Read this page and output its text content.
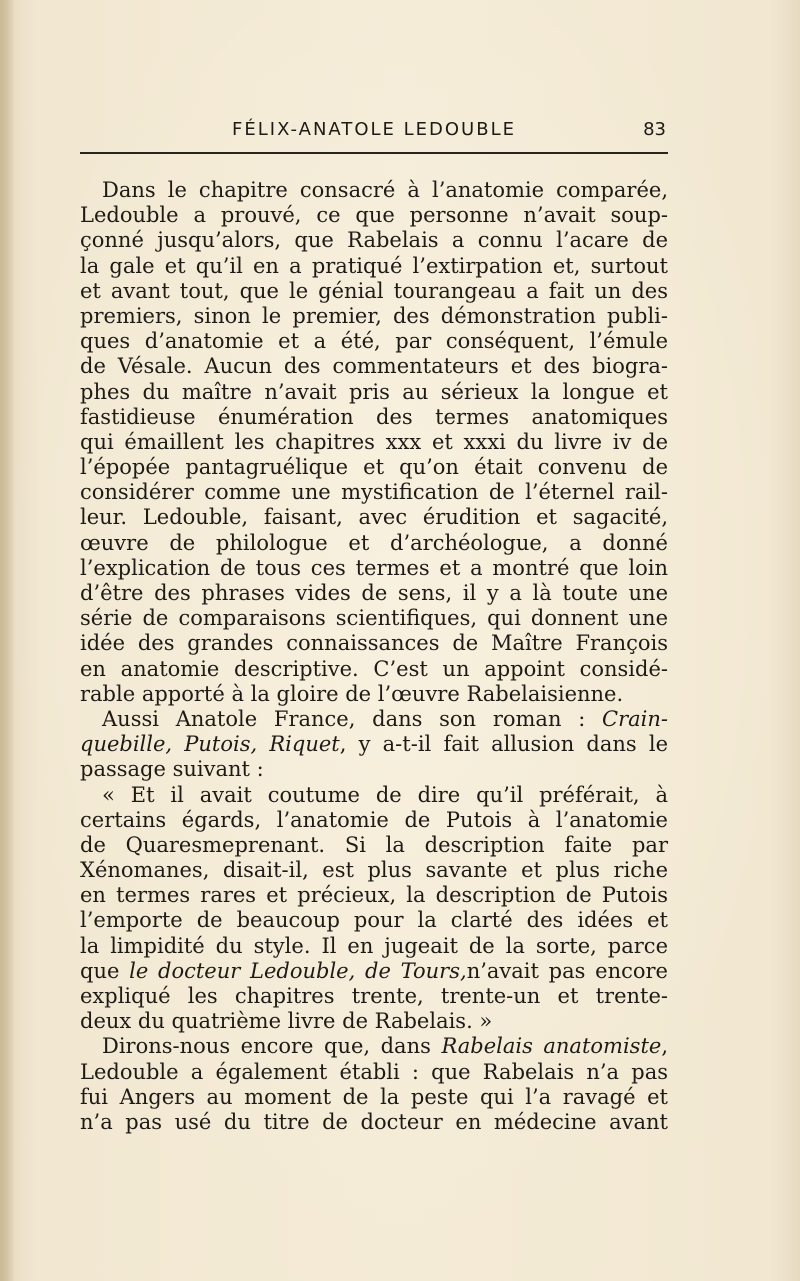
FÉLIX-ANATOLE LEDOUBLE	83
Dans le chapitre consacré à l’anatomie comparée,
Ledouble a prouvé, ce que personne n’avait soup-
çonné jusqu’alors, que Rabelais a connu l’acare de
la gale et qu’il en a pratiqué l’extirpation et, surtout
et avant tout, que le génial tourangeau a fait un des
premiers, sinon le premier, des démonstration publi-
ques d’anatomie et a été, par conséquent, l’émule
de Vésale. Aucun des commentateurs et des biogra-
phes du maître n’avait pris au sérieux la longue et
fastidieuse énumération des termes anatomiques
qui émaillent les chapitres xxx et xxxi du livre iv de
l’épopée pantagruélique et qu’on était convenu de
considérer comme une mystification de l’éternel rail-
leur. Ledouble, faisant, avec érudition et sagacité,
œuvre de philologue et d’archéologue, a donné
l’explication de tous ces termes et a montré que loin
d’être des phrases vides de sens, il y a là toute une
série de comparaisons scientifiques, qui donnent une
idée des grandes connaissances de Maître François
en anatomie descriptive. C’est un appoint considé-
rable apporté à la gloire de l’œuvre Rabelaisienne.
Aussi Anatole France, dans son roman : Crain-
quebille, Putois, Riquet, y a-t-il fait allusion dans le
passage suivant :
« Et il avait coutume de dire qu’il préférait, à
certains égards, l’anatomie de Putois à l’anatomie
de Quaresmeprenant. Si la description faite par
Xénomanes, disait-il, est plus savante et plus riche
en termes rares et précieux, la description de Putois
l’emporte de beaucoup pour la clarté des idées et
la limpidité du style. Il en jugeait de la sorte, parce
que le docteur Ledouble, de Tours,n’avait pas encore
expliqué les chapitres trente, trente-un et trente-
deux du quatrième livre de Rabelais. »
Dirons-nous encore que, dans Rabelais anatomiste,
Ledouble a également établi : que Rabelais n’a pas
fui Angers au moment de la peste qui l’a ravagé et
n’a pas usé du titre de docteur en médecine avant
